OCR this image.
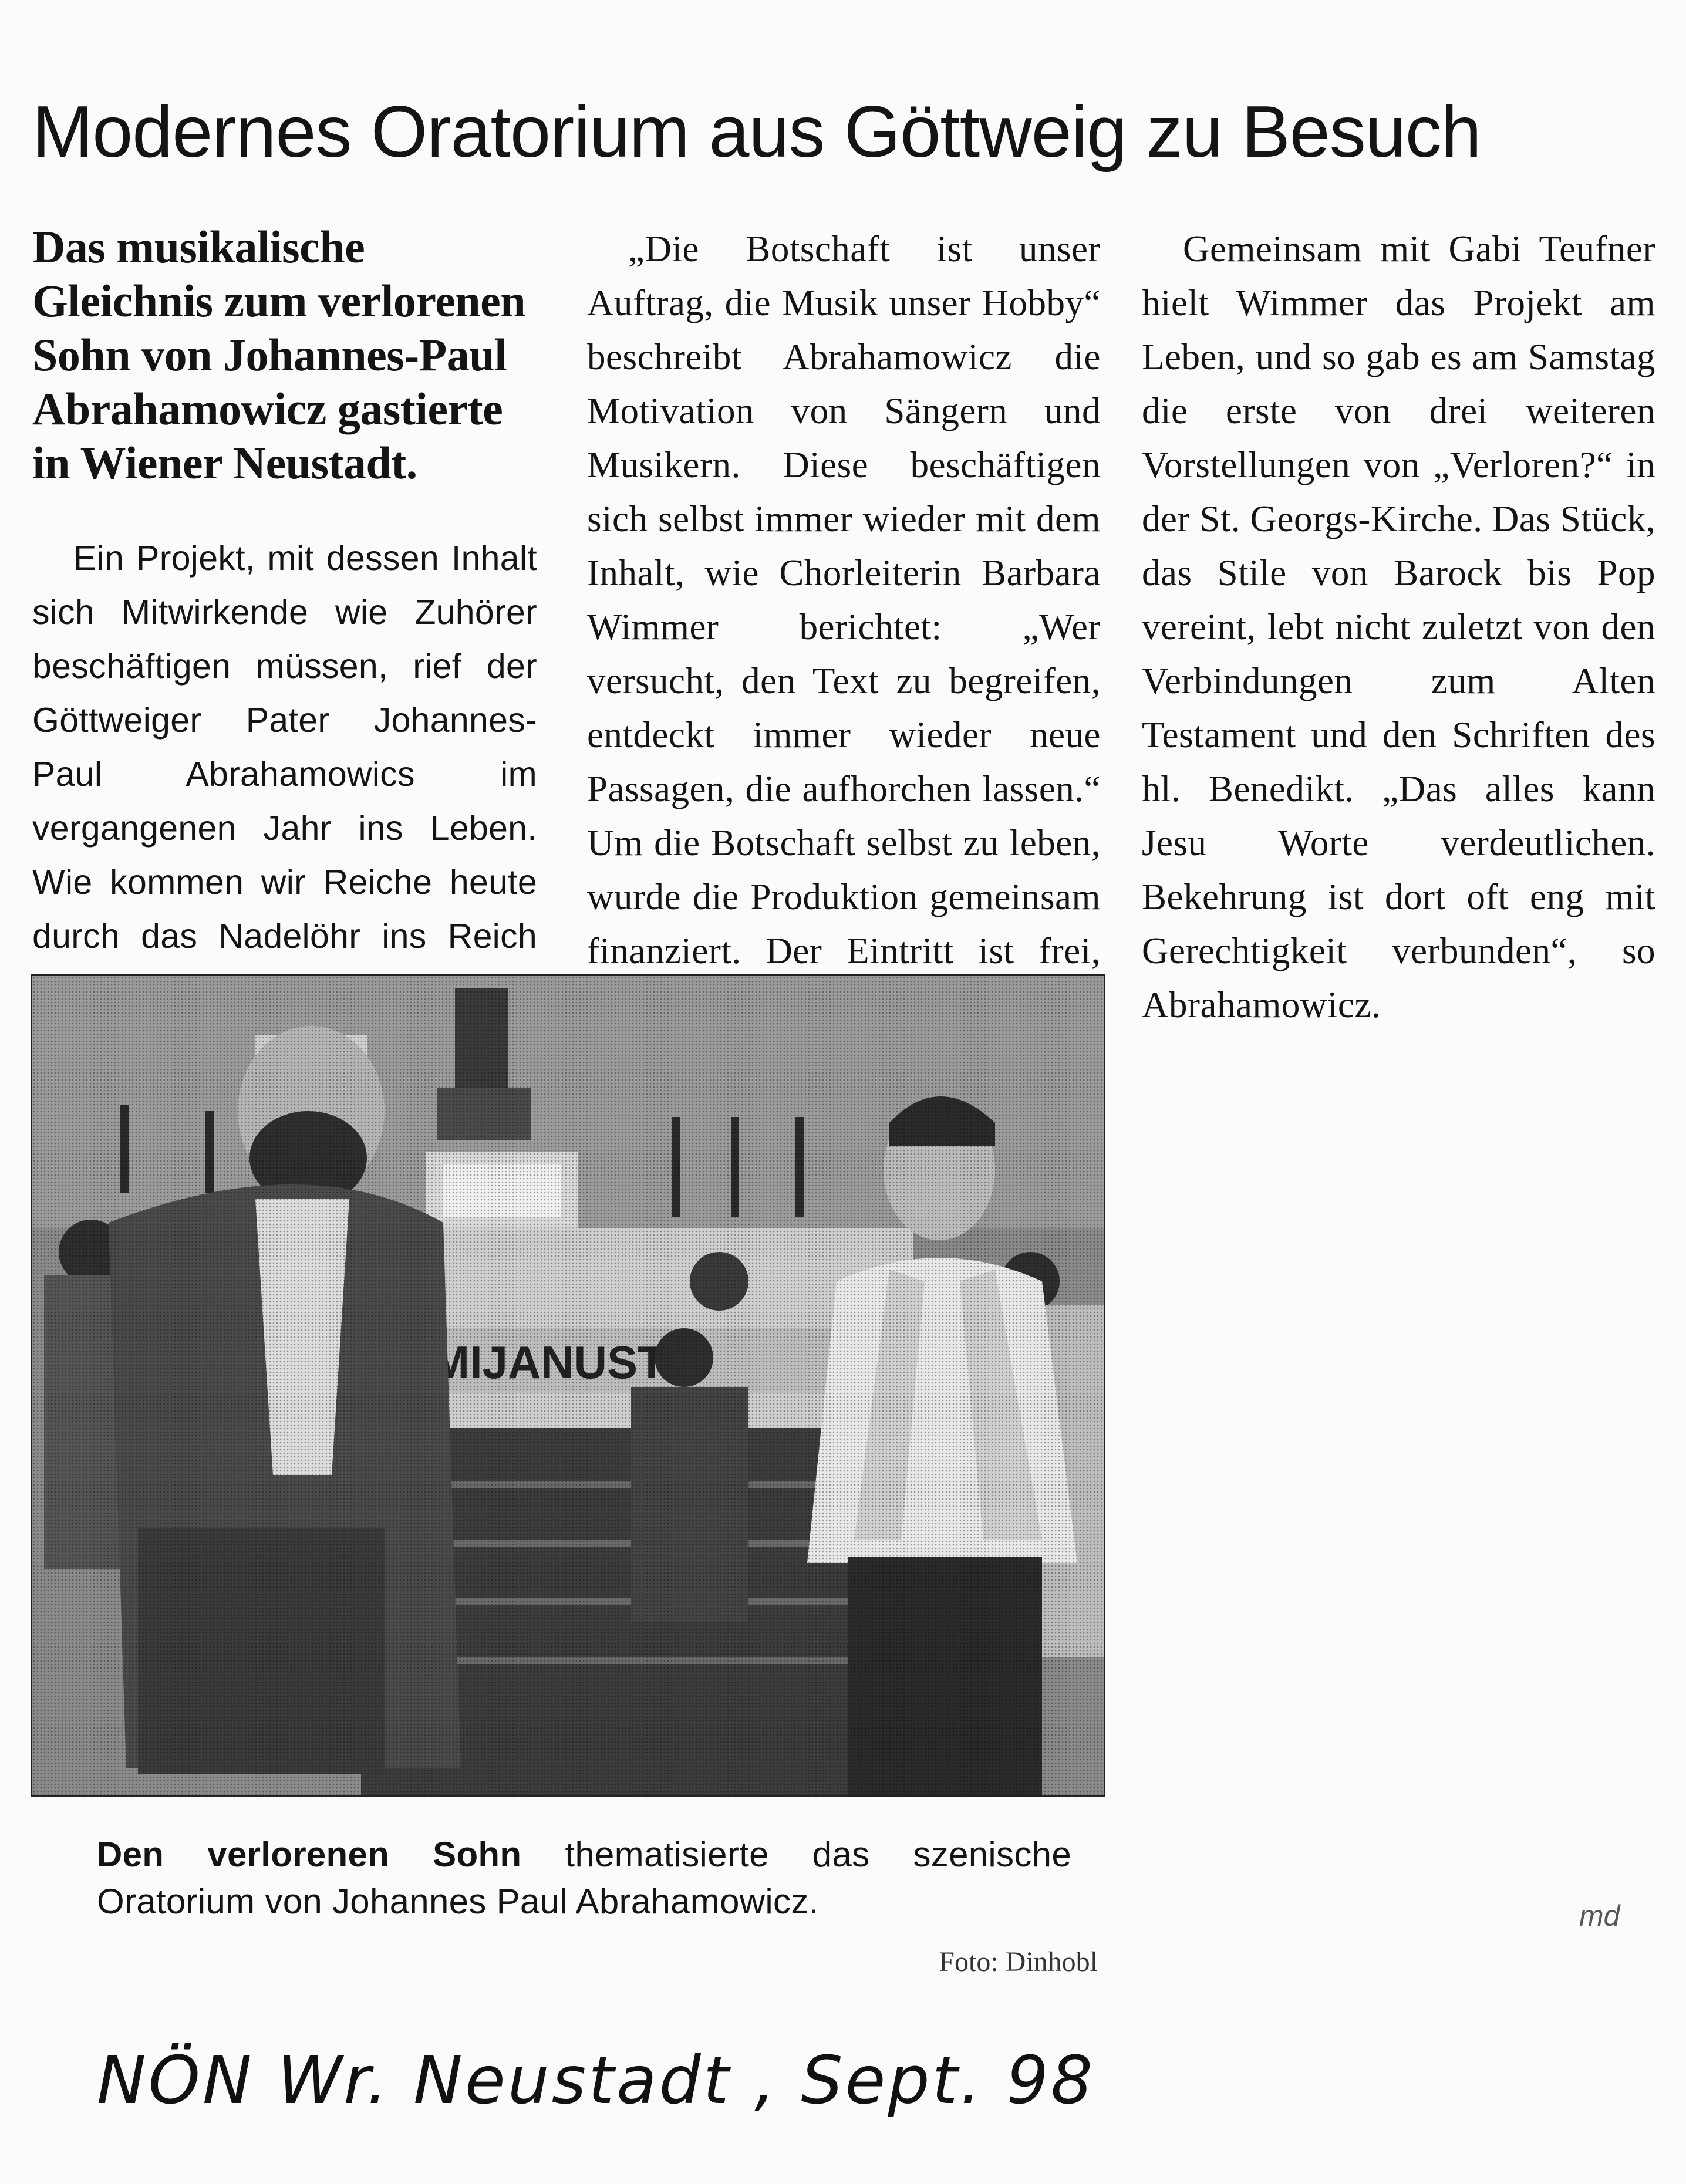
Modernes Oratorium aus Göttweig zu Besuch

Das musikalische Gleichnis zum verlorenen Sohn von Johannes-Paul Abrahamowicz gastierte in Wiener Neustadt.

Ein Projekt, mit dessen Inhalt sich Mitwirkende wie Zuhörer beschäftigen müssen, rief der Göttweiger Pater Johannes-Paul Abrahamowics im vergangenen Jahr ins Leben. Wie kommen wir Reiche heute durch das Nadelöhr ins Reich

„Die Botschaft ist unser Auftrag, die Musik unser Hobby“ beschreibt Abrahamowicz die Motivation von Sängern und Musikern. Diese beschäftigen sich selbst immer wieder mit dem Inhalt, wie Chorleiterin Barbara Wimmer berichtet: „Wer versucht, den Text zu begreifen, entdeckt immer wieder neue Passagen, die aufhorchen lassen.“ Um die Botschaft selbst zu leben, wurde die Produktion gemeinsam finanziert. Der Eintritt ist frei,

Gemeinsam mit Gabi Teufner hielt Wimmer das Projekt am Leben, und so gab es am Samstag die erste von drei weiteren Vorstellungen von „Verloren?“ in der St. Georgs-Kirche. Das Stück, das Stile von Barock bis Pop vereint, lebt nicht zuletzt von den Verbindungen zum Alten Testament und den Schriften des hl. Benedikt. „Das alles kann Jesu Worte verdeutlichen. Bekehrung ist dort oft eng mit Gerechtigkeit verbunden“, so Abrahamowicz.

Den verlorenen Sohn thematisierte das szenische Oratorium von Johannes Paul Abrahamowicz.

Foto: Dinhobl
md
NÖN Wr. Neustadt , Sept. 98
